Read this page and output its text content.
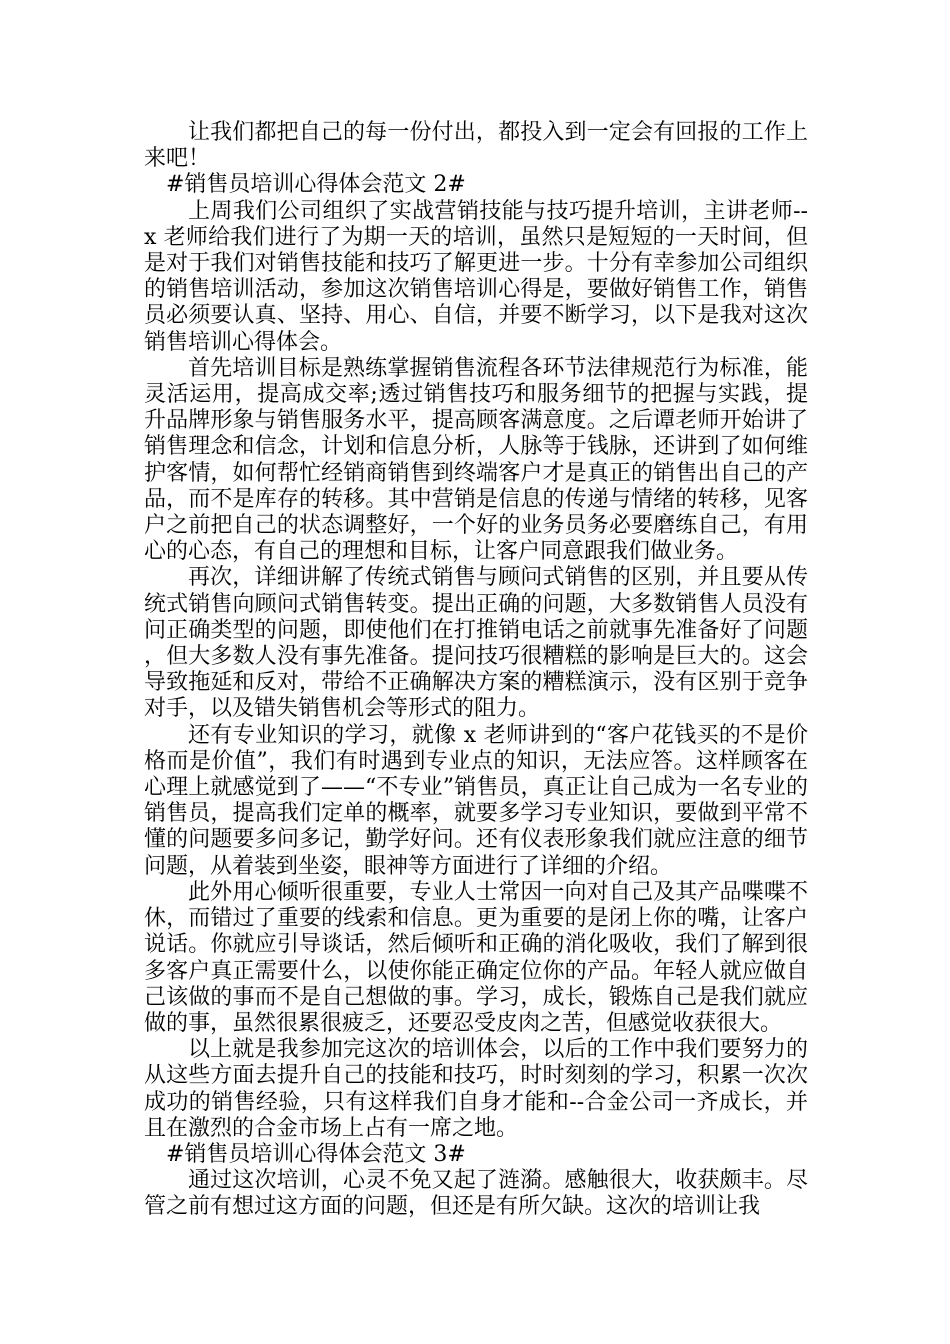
让我们都把自己的每一份付出，都投入到一定会有回报的工作上来吧！

#销售员培训心得体会范文 2#

上周我们公司组织了实战营销技能与技巧提升培训，主讲老师--x 老师给我们进行了为期一天的培训，虽然只是短短的一天时间，但是对于我们对销售技能和技巧了解更进一步。十分有幸参加公司组织的销售培训活动，参加这次销售培训心得是，要做好销售工作，销售员必须要认真、坚持、用心、自信，并要不断学习，以下是我对这次销售培训心得体会。

首先培训目标是熟练掌握销售流程各环节法律规范行为标准，能灵活运用，提高成交率;透过销售技巧和服务细节的把握与实践，提升品牌形象与销售服务水平，提高顾客满意度。之后谭老师开始讲了销售理念和信念，计划和信息分析，人脉等于钱脉，还讲到了如何维护客情，如何帮忙经销商销售到终端客户才是真正的销售出自己的产品，而不是库存的转移。其中营销是信息的传递与情绪的转移，见客户之前把自己的状态调整好，一个好的业务员务必要磨练自己，有用心的心态，有自己的理想和目标，让客户同意跟我们做业务。

再次，详细讲解了传统式销售与顾问式销售的区别，并且要从传统式销售向顾问式销售转变。提出正确的问题，大多数销售人员没有问正确类型的问题，即使他们在打推销电话之前就事先准备好了问题，但大多数人没有事先准备。提问技巧很糟糕的影响是巨大的。这会导致拖延和反对，带给不正确解决方案的糟糕演示，没有区别于竞争对手，以及错失销售机会等形式的阻力。

还有专业知识的学习，就像 x 老师讲到的“客户花钱买的不是价格而是价值”，我们有时遇到专业点的知识，无法应答。这样顾客在心理上就感觉到了——“不专业”销售员，真正让自己成为一名专业的销售员，提高我们定单的概率，就要多学习专业知识，要做到平常不懂的问题要多问多记，勤学好问。还有仪表形象我们就应注意的细节问题，从着装到坐姿，眼神等方面进行了详细的介绍。

此外用心倾听很重要，专业人士常因一向对自己及其产品喋喋不休，而错过了重要的线索和信息。更为重要的是闭上你的嘴，让客户说话。你就应引导谈话，然后倾听和正确的消化吸收，我们了解到很多客户真正需要什么，以使你能正确定位你的产品。年轻人就应做自己该做的事而不是自己想做的事。学习，成长，锻炼自己是我们就应做的事，虽然很累很疲乏，还要忍受皮肉之苦，但感觉收获很大。

以上就是我参加完这次的培训体会，以后的工作中我们要努力的从这些方面去提升自己的技能和技巧，时时刻刻的学习，积累一次次成功的销售经验，只有这样我们自身才能和--合金公司一齐成长，并且在激烈的合金市场上占有一席之地。

#销售员培训心得体会范文 3#

通过这次培训，心灵不免又起了涟漪。感触很大，收获颇丰。尽管之前有想过这方面的问题，但还是有所欠缺。这次的培训让我
